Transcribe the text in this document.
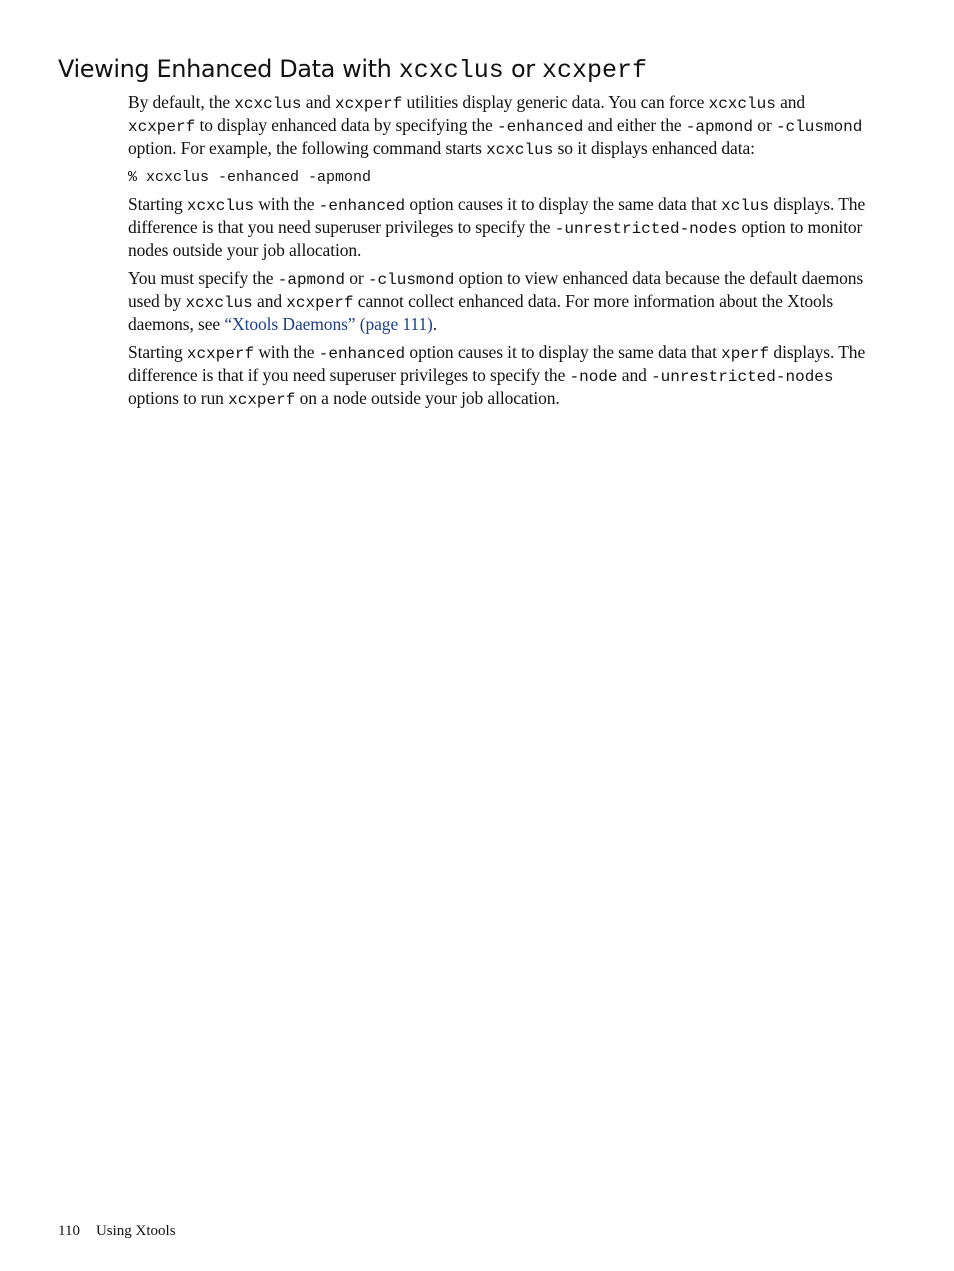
Viewing Enhanced Data with xcxclus or xcxperf

By default, the xcxclus and xcxperf utilities display generic data. You can force xcxclus and xcxperf to display enhanced data by specifying the -enhanced and either the -apmond or -clusmond option. For example, the following command starts xcxclus so it displays enhanced data:

% xcxclus -enhanced -apmond

Starting xcxclus with the -enhanced option causes it to display the same data that xclus displays. The difference is that you need superuser privileges to specify the -unrestricted-nodes option to monitor nodes outside your job allocation.

You must specify the -apmond or -clusmond option to view enhanced data because the default daemons used by xcxclus and xcxperf cannot collect enhanced data. For more information about the Xtools daemons, see “Xtools Daemons” (page 111).

Starting xcxperf with the -enhanced option causes it to display the same data that xperf displays. The difference is that if you need superuser privileges to specify the -node and -unrestricted-nodes options to run xcxperf on a node outside your job allocation.

110 Using Xtools
